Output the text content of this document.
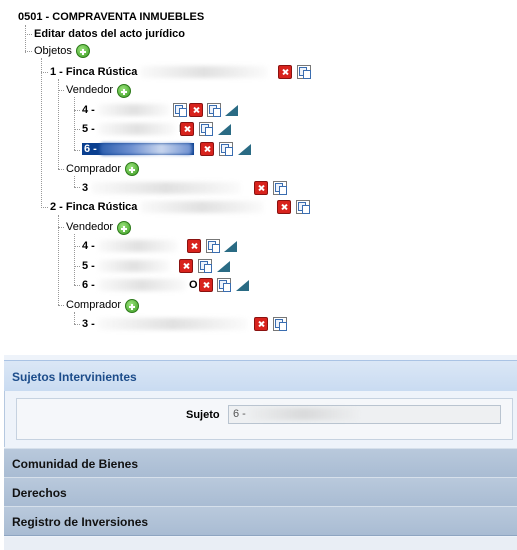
0501 - COMPRAVENTA INMUEBLES
Editar datos del acto jurídico
Objetos
1 - Finca Rústica
Vendedor
4 -
5 -
6 -
Comprador
3
2 - Finca Rústica
Vendedor
4 -
5 -
6 -	O
Comprador
3 -
Sujetos Intervinientes
Sujeto	6 -
Comunidad de Bienes
Derechos
Registro de Inversiones
